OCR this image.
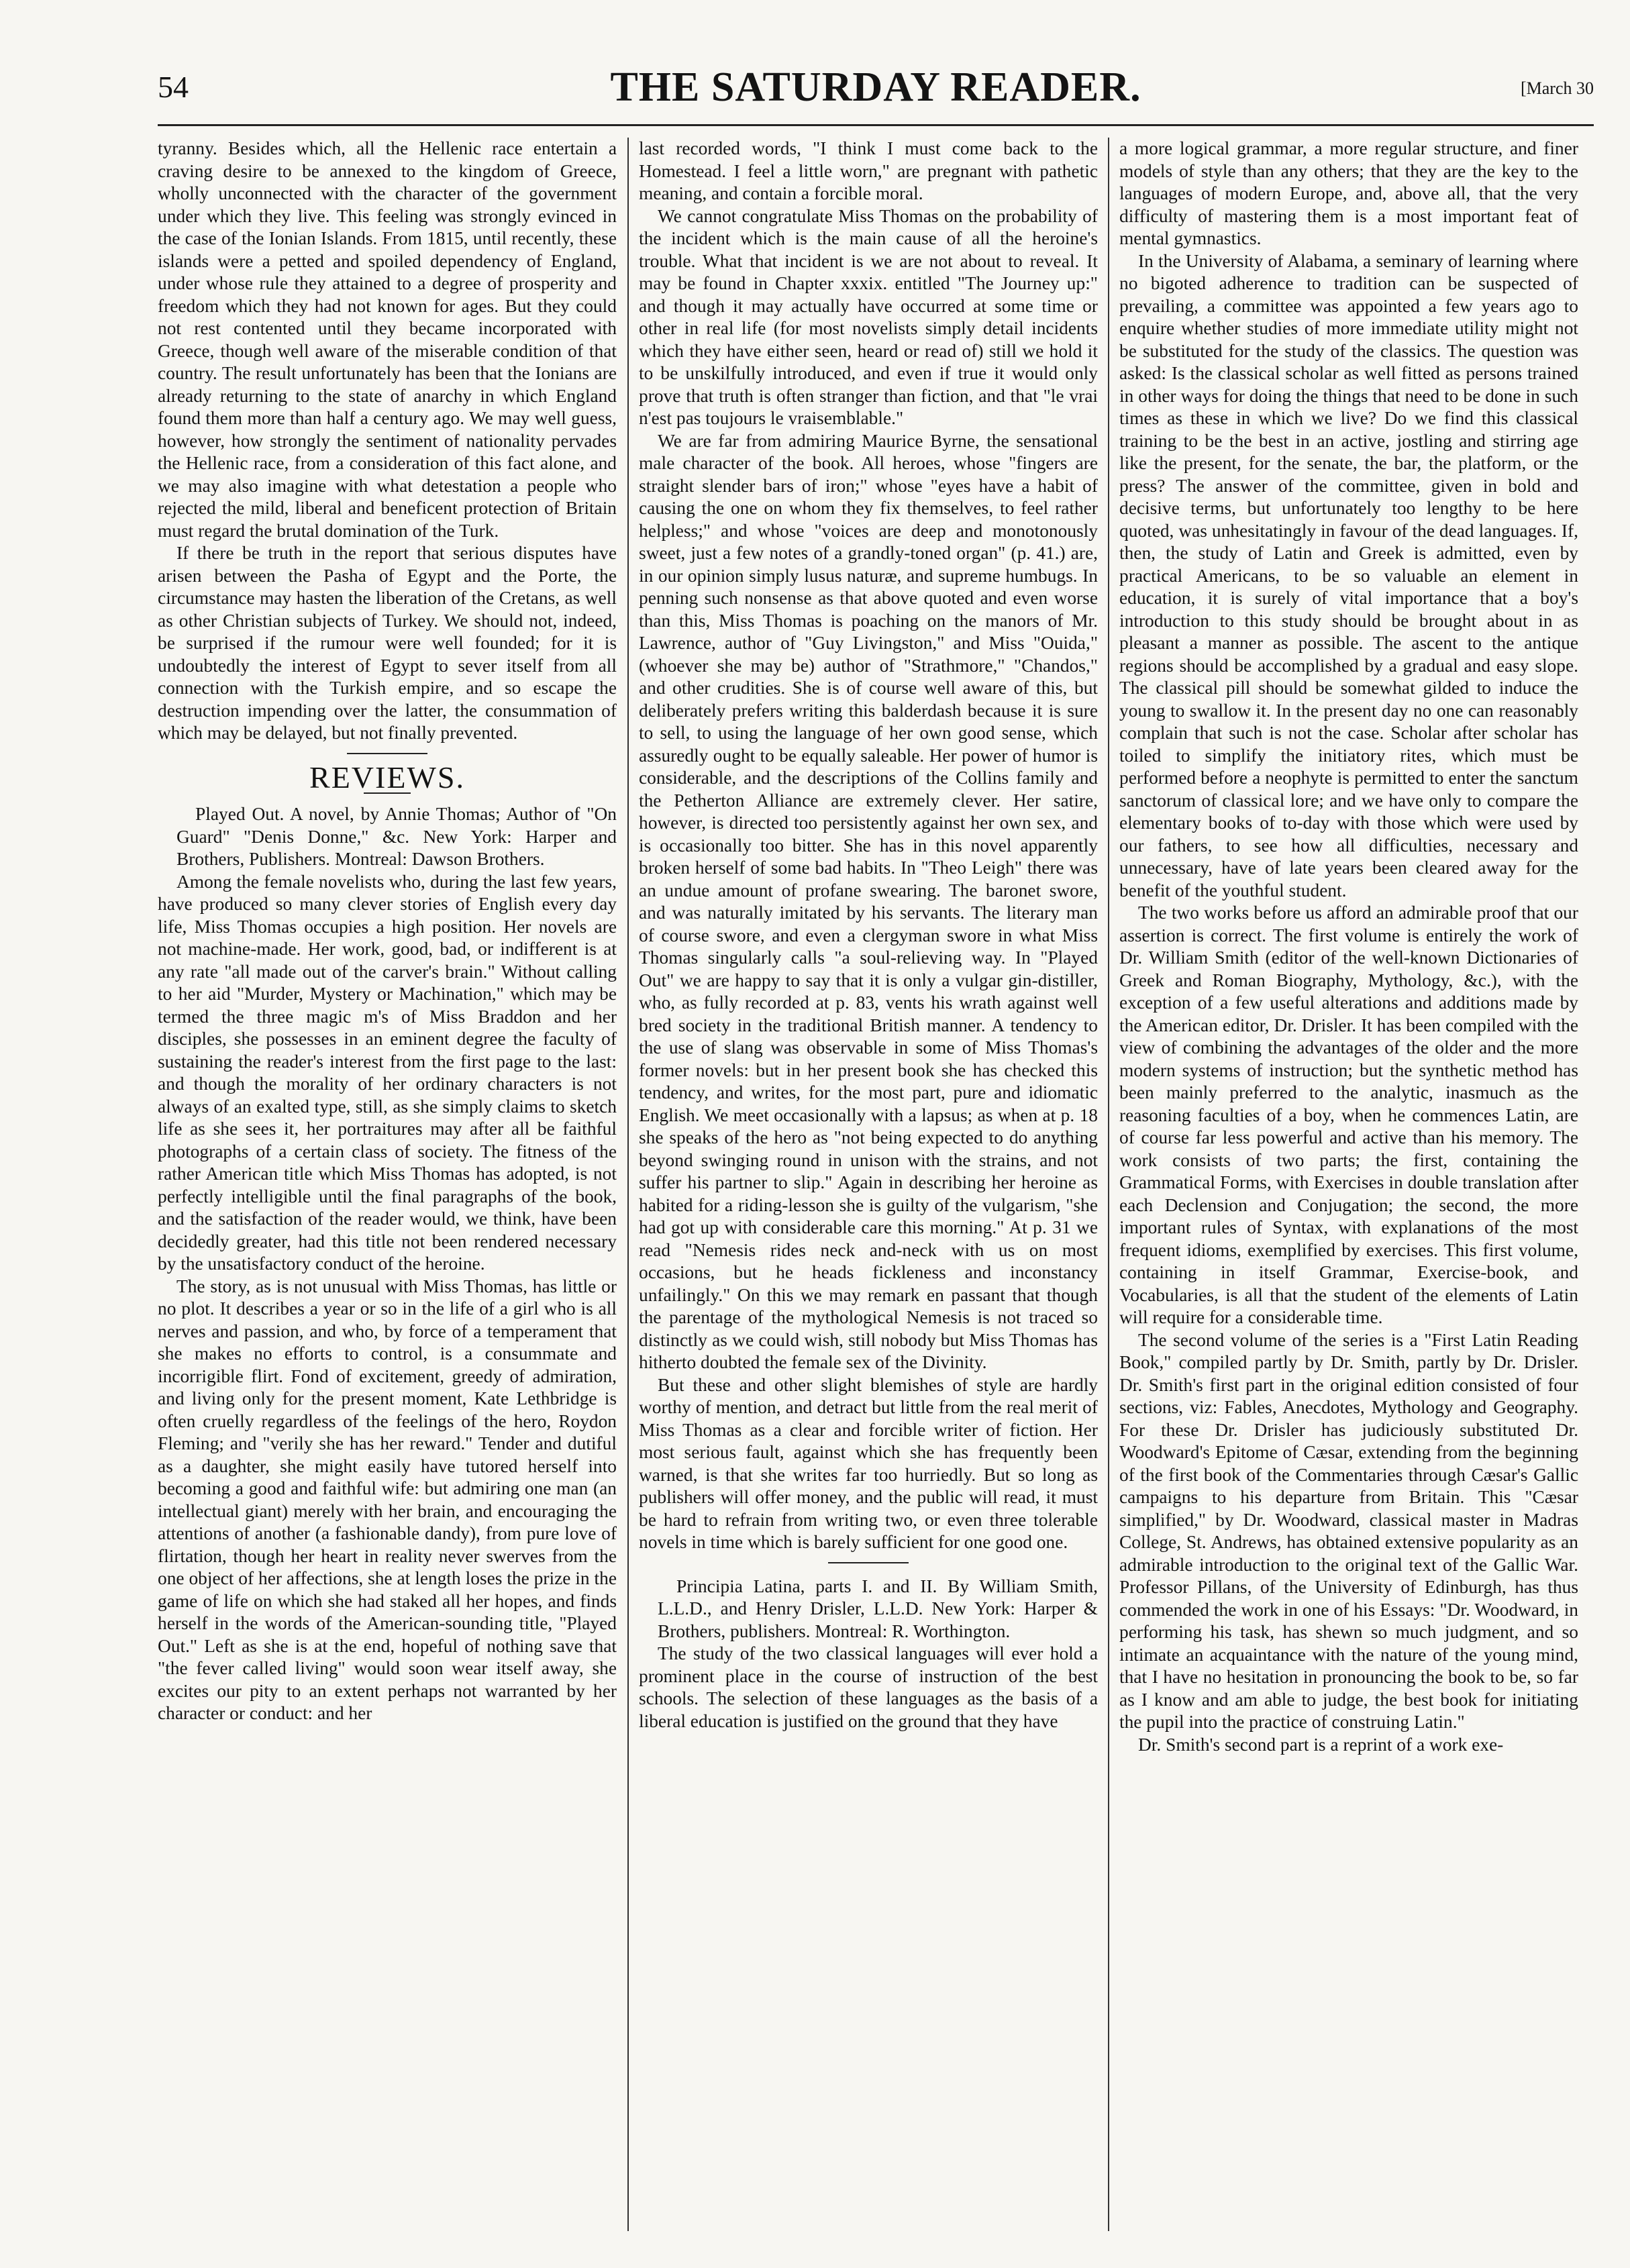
54	THE SATURDAY READER.	[March 30

tyranny. Besides which, all the Hellenic race entertain a craving desire to be annexed to the kingdom of Greece, wholly unconnected with the character of the government under which they live. This feeling was strongly evinced in the case of the Ionian Islands. From 1815, until recently, these islands were a petted and spoiled dependency of England, under whose rule they attained to a degree of prosperity and freedom which they had not known for ages. But they could not rest contented until they became incorporated with Greece, though well aware of the miserable condition of that country. The result unfortunately has been that the Ionians are already returning to the state of anarchy in which England found them more than half a century ago. We may well guess, however, how strongly the sentiment of nationality pervades the Hellenic race, from a consideration of this fact alone, and we may also imagine with what detestation a people who rejected the mild, liberal and beneficent protection of Britain must regard the brutal domination of the Turk.

If there be truth in the report that serious disputes have arisen between the Pasha of Egypt and the Porte, the circumstance may hasten the liberation of the Cretans, as well as other Christian subjects of Turkey. We should not, indeed, be surprised if the rumour were well founded; for it is undoubtedly the interest of Egypt to sever itself from all connection with the Turkish empire, and so escape the destruction impending over the latter, the consummation of which may be delayed, but not finally prevented.

REVIEWS.

Played Out. A novel, by Annie Thomas; Author of "On Guard" "Denis Donne," &c. New York: Harper and Brothers, Publishers. Montreal: Dawson Brothers.

Among the female novelists who, during the last few years, have produced so many clever stories of English every day life, Miss Thomas occupies a high position. Her novels are not machine-made. Her work, good, bad, or indifferent is at any rate "all made out of the carver's brain." Without calling to her aid "Murder, Mystery or Machination," which may be termed the three magic m's of Miss Braddon and her disciples, she possesses in an eminent degree the faculty of sustaining the reader's interest from the first page to the last: and though the morality of her ordinary characters is not always of an exalted type, still, as she simply claims to sketch life as she sees it, her portraitures may after all be faithful photographs of a certain class of society. The fitness of the rather American title which Miss Thomas has adopted, is not perfectly intelligible until the final paragraphs of the book, and the satisfaction of the reader would, we think, have been decidedly greater, had this title not been rendered necessary by the unsatisfactory conduct of the heroine.

The story, as is not unusual with Miss Thomas, has little or no plot. It describes a year or so in the life of a girl who is all nerves and passion, and who, by force of a temperament that she makes no efforts to control, is a consummate and incorrigible flirt. Fond of excitement, greedy of admiration, and living only for the present moment, Kate Lethbridge is often cruelly regardless of the feelings of the hero, Roydon Fleming; and "verily she has her reward." Tender and dutiful as a daughter, she might easily have tutored herself into becoming a good and faithful wife: but admiring one man (an intellectual giant) merely with her brain, and encouraging the attentions of another (a fashionable dandy), from pure love of flirtation, though her heart in reality never swerves from the one object of her affections, she at length loses the prize in the game of life on which she had staked all her hopes, and finds herself in the words of the American-sounding title, "Played Out." Left as she is at the end, hopeful of nothing save that "the fever called living" would soon wear itself away, she excites our pity to an extent perhaps not warranted by her character or conduct: and her

last recorded words, "I think I must come back to the Homestead. I feel a little worn," are pregnant with pathetic meaning, and contain a forcible moral.

We cannot congratulate Miss Thomas on the probability of the incident which is the main cause of all the heroine's trouble. What that incident is we are not about to reveal. It may be found in Chapter xxxix. entitled "The Journey up:" and though it may actually have occurred at some time or other in real life (for most novelists simply detail incidents which they have either seen, heard or read of) still we hold it to be unskilfully introduced, and even if true it would only prove that truth is often stranger than fiction, and that "le vrai n'est pas toujours le vraisemblable."

We are far from admiring Maurice Byrne, the sensational male character of the book. All heroes, whose "fingers are straight slender bars of iron;" whose "eyes have a habit of causing the one on whom they fix themselves, to feel rather helpless;" and whose "voices are deep and monotonously sweet, just a few notes of a grandly-toned organ" (p. 41.) are, in our opinion simply lusus naturæ, and supreme humbugs. In penning such nonsense as that above quoted and even worse than this, Miss Thomas is poaching on the manors of Mr. Lawrence, author of "Guy Livingston," and Miss "Ouida," (whoever she may be) author of "Strathmore," "Chandos," and other crudities. She is of course well aware of this, but deliberately prefers writing this balderdash because it is sure to sell, to using the language of her own good sense, which assuredly ought to be equally saleable. Her power of humor is considerable, and the descriptions of the Collins family and the Petherton Alliance are extremely clever. Her satire, however, is directed too persistently against her own sex, and is occasionally too bitter. She has in this novel apparently broken herself of some bad habits. In "Theo Leigh" there was an undue amount of profane swearing. The baronet swore, and was naturally imitated by his servants. The literary man of course swore, and even a clergyman swore in what Miss Thomas singularly calls "a soul-relieving way. In "Played Out" we are happy to say that it is only a vulgar gin-distiller, who, as fully recorded at p. 83, vents his wrath against well bred society in the traditional British manner. A tendency to the use of slang was observable in some of Miss Thomas's former novels: but in her present book she has checked this tendency, and writes, for the most part, pure and idiomatic English. We meet occasionally with a lapsus; as when at p. 18 she speaks of the hero as "not being expected to do anything beyond swinging round in unison with the strains, and not suffer his partner to slip." Again in describing her heroine as habited for a riding-lesson she is guilty of the vulgarism, "she had got up with considerable care this morning." At p. 31 we read "Nemesis rides neck and-neck with us on most occasions, but he heads fickleness and inconstancy unfailingly." On this we may remark en passant that though the parentage of the mythological Nemesis is not traced so distinctly as we could wish, still nobody but Miss Thomas has hitherto doubted the female sex of the Divinity.

But these and other slight blemishes of style are hardly worthy of mention, and detract but little from the real merit of Miss Thomas as a clear and forcible writer of fiction. Her most serious fault, against which she has frequently been warned, is that she writes far too hurriedly. But so long as publishers will offer money, and the public will read, it must be hard to refrain from writing two, or even three tolerable novels in time which is barely sufficient for one good one.

Principia Latina, parts I. and II. By William Smith, L.L.D., and Henry Drisler, L.L.D. New York: Harper & Brothers, publishers. Montreal: R. Worthington.

The study of the two classical languages will ever hold a prominent place in the course of instruction of the best schools. The selection of these languages as the basis of a liberal education is justified on the ground that they have

a more logical grammar, a more regular structure, and finer models of style than any others; that they are the key to the languages of modern Europe, and, above all, that the very difficulty of mastering them is a most important feat of mental gymnastics.

In the University of Alabama, a seminary of learning where no bigoted adherence to tradition can be suspected of prevailing, a committee was appointed a few years ago to enquire whether studies of more immediate utility might not be substituted for the study of the classics. The question was asked: Is the classical scholar as well fitted as persons trained in other ways for doing the things that need to be done in such times as these in which we live? Do we find this classical training to be the best in an active, jostling and stirring age like the present, for the senate, the bar, the platform, or the press? The answer of the committee, given in bold and decisive terms, but unfortunately too lengthy to be here quoted, was unhesitatingly in favour of the dead languages. If, then, the study of Latin and Greek is admitted, even by practical Americans, to be so valuable an element in education, it is surely of vital importance that a boy's introduction to this study should be brought about in as pleasant a manner as possible. The ascent to the antique regions should be accomplished by a gradual and easy slope. The classical pill should be somewhat gilded to induce the young to swallow it. In the present day no one can reasonably complain that such is not the case. Scholar after scholar has toiled to simplify the initiatory rites, which must be performed before a neophyte is permitted to enter the sanctum sanctorum of classical lore; and we have only to compare the elementary books of to-day with those which were used by our fathers, to see how all difficulties, necessary and unnecessary, have of late years been cleared away for the benefit of the youthful student.

The two works before us afford an admirable proof that our assertion is correct. The first volume is entirely the work of Dr. William Smith (editor of the well-known Dictionaries of Greek and Roman Biography, Mythology, &c.), with the exception of a few useful alterations and additions made by the American editor, Dr. Drisler. It has been compiled with the view of combining the advantages of the older and the more modern systems of instruction; but the synthetic method has been mainly preferred to the analytic, inasmuch as the reasoning faculties of a boy, when he commences Latin, are of course far less powerful and active than his memory. The work consists of two parts; the first, containing the Grammatical Forms, with Exercises in double translation after each Declension and Conjugation; the second, the more important rules of Syntax, with explanations of the most frequent idioms, exemplified by exercises. This first volume, containing in itself Grammar, Exercise-book, and Vocabularies, is all that the student of the elements of Latin will require for a considerable time.

The second volume of the series is a "First Latin Reading Book," compiled partly by Dr. Smith, partly by Dr. Drisler. Dr. Smith's first part in the original edition consisted of four sections, viz: Fables, Anecdotes, Mythology and Geography. For these Dr. Drisler has judiciously substituted Dr. Woodward's Epitome of Cæsar, extending from the beginning of the first book of the Commentaries through Cæsar's Gallic campaigns to his departure from Britain. This "Cæsar simplified," by Dr. Woodward, classical master in Madras College, St. Andrews, has obtained extensive popularity as an admirable introduction to the original text of the Gallic War. Professor Pillans, of the University of Edinburgh, has thus commended the work in one of his Essays: "Dr. Woodward, in performing his task, has shewn so much judgment, and so intimate an acquaintance with the nature of the young mind, that I have no hesitation in pronouncing the book to be, so far as I know and am able to judge, the best book for initiating the pupil into the practice of construing Latin."

Dr. Smith's second part is a reprint of a work exe-
